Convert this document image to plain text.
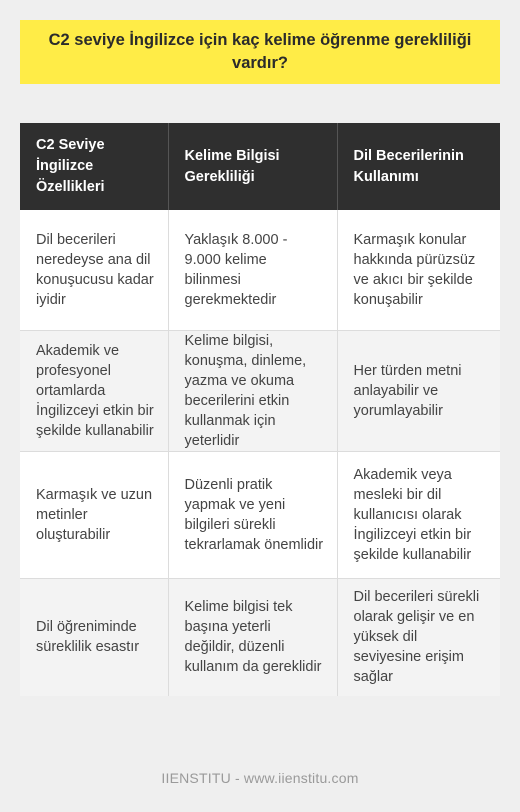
C2 seviye İngilizce için kaç kelime öğrenme gerekliliği vardır?
C2 Seviye İngilizce Özellikleri	Kelime Bilgisi Gerekliliği	Dil Becerilerinin Kullanımı
Dil becerileri neredeyse ana dil konuşucusu kadar iyidir	Yaklaşık 8.000 - 9.000 kelime bilinmesi gerekmektedir	Karmaşık konular hakkında pürüzsüz ve akıcı bir şekilde konuşabilir
Akademik ve profesyonel ortamlarda İngilizceyi etkin bir şekilde kullanabilir	Kelime bilgisi, konuşma, dinleme, yazma ve okuma becerilerini etkin kullanmak için yeterlidir	Her türden metni anlayabilir ve yorumlayabilir
Karmaşık ve uzun metinler oluşturabilir	Düzenli pratik yapmak ve yeni bilgileri sürekli tekrarlamak önemlidir	Akademik veya mesleki bir dil kullanıcısı olarak İngilizceyi etkin bir şekilde kullanabilir
Dil öğreniminde süreklilik esastır	Kelime bilgisi tek başına yeterli değildir, düzenli kullanım da gereklidir	Dil becerileri sürekli olarak gelişir ve en yüksek dil seviyesine erişim sağlar
IIENSTITU - www.iienstitu.com
